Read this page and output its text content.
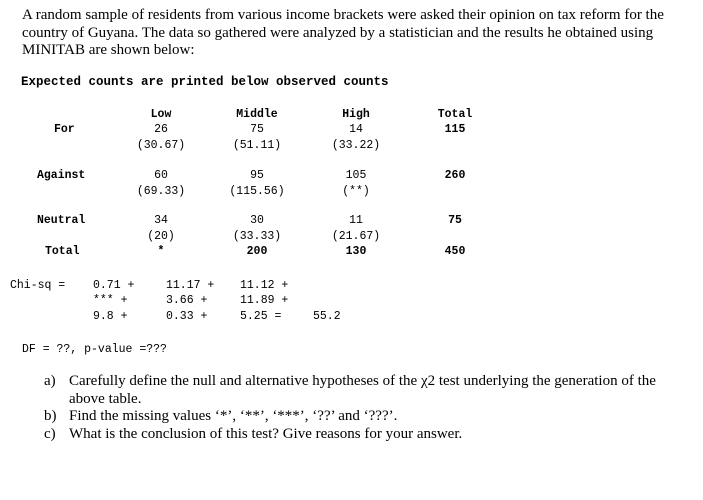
A random sample of residents from various income brackets were asked their opinion on tax reform for the country of Guyana. The data so gathered were analyzed by a statistician and the results he obtained using MINITAB are shown below:
Expected counts are printed below observed counts
Low	Middle	High	Total
For	26	75	14	115
(30.67)	(51.11)	(33.22)
Against	60	95	105	260
(69.33)	(115.56)	(**)
Neutral	34	30	11	75
(20)	(33.33)	(21.67)
Total	*	200	130	450
Chi-sq = 0.71 +	11.17 + 11.12 +
*** +	3.66 +	11.89 +
9.8 +	0.33 +	5.25 =	55.2
DF = ??, p-value =???

a) Carefully define the null and alternative hypotheses of the χ2 test underlying the generation of the above table.

b) Find the missing values ‘*’, ‘**’, ‘***’, ‘??’ and ‘???’.

c) What is the conclusion of this test? Give reasons for your answer.
